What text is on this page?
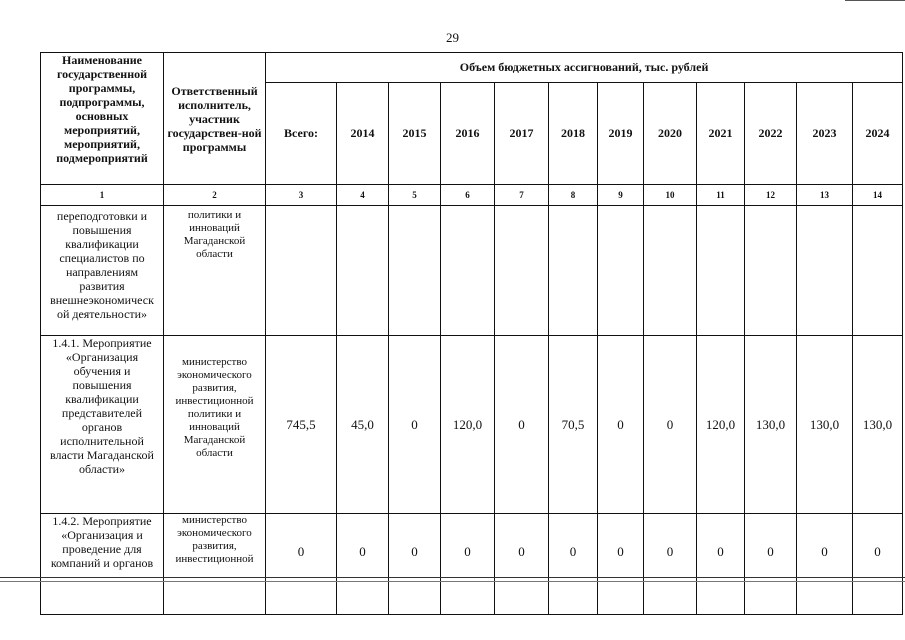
29
Наименование государственной программы, подпрограммы, основных мероприятий, мероприятий, подмероприятий	Ответственный исполнитель, участник государствен-ной программы	Объем бюджетных ассигнований, тыс. рублей											
		Всего:	2014	2015	2016	2017	2018	2019	2020	2021	2022	2023	2024
1	2	3	4	5	6	7	8	9	10	11	12	13	14
переподготовки и повышения квалификации специалистов по направлениям развития внешнеэкономическ ой деятельности»	политики и инноваций Магаданской области												
1.4.1. Мероприятие «Организация обучения и повышения квалификации представителей органов исполнительной власти Магаданской области»	министерство экономического развития, инвестиционной политики и инноваций Магаданской области	745,5	45,0	0	120,0	0	70,5	0	0	120,0	130,0	130,0	130,0
1.4.2. Мероприятие «Организация и проведение для компаний и органов	министерство экономического развития, инвестиционной	0	0	0	0	0	0	0	0	0	0	0	0
